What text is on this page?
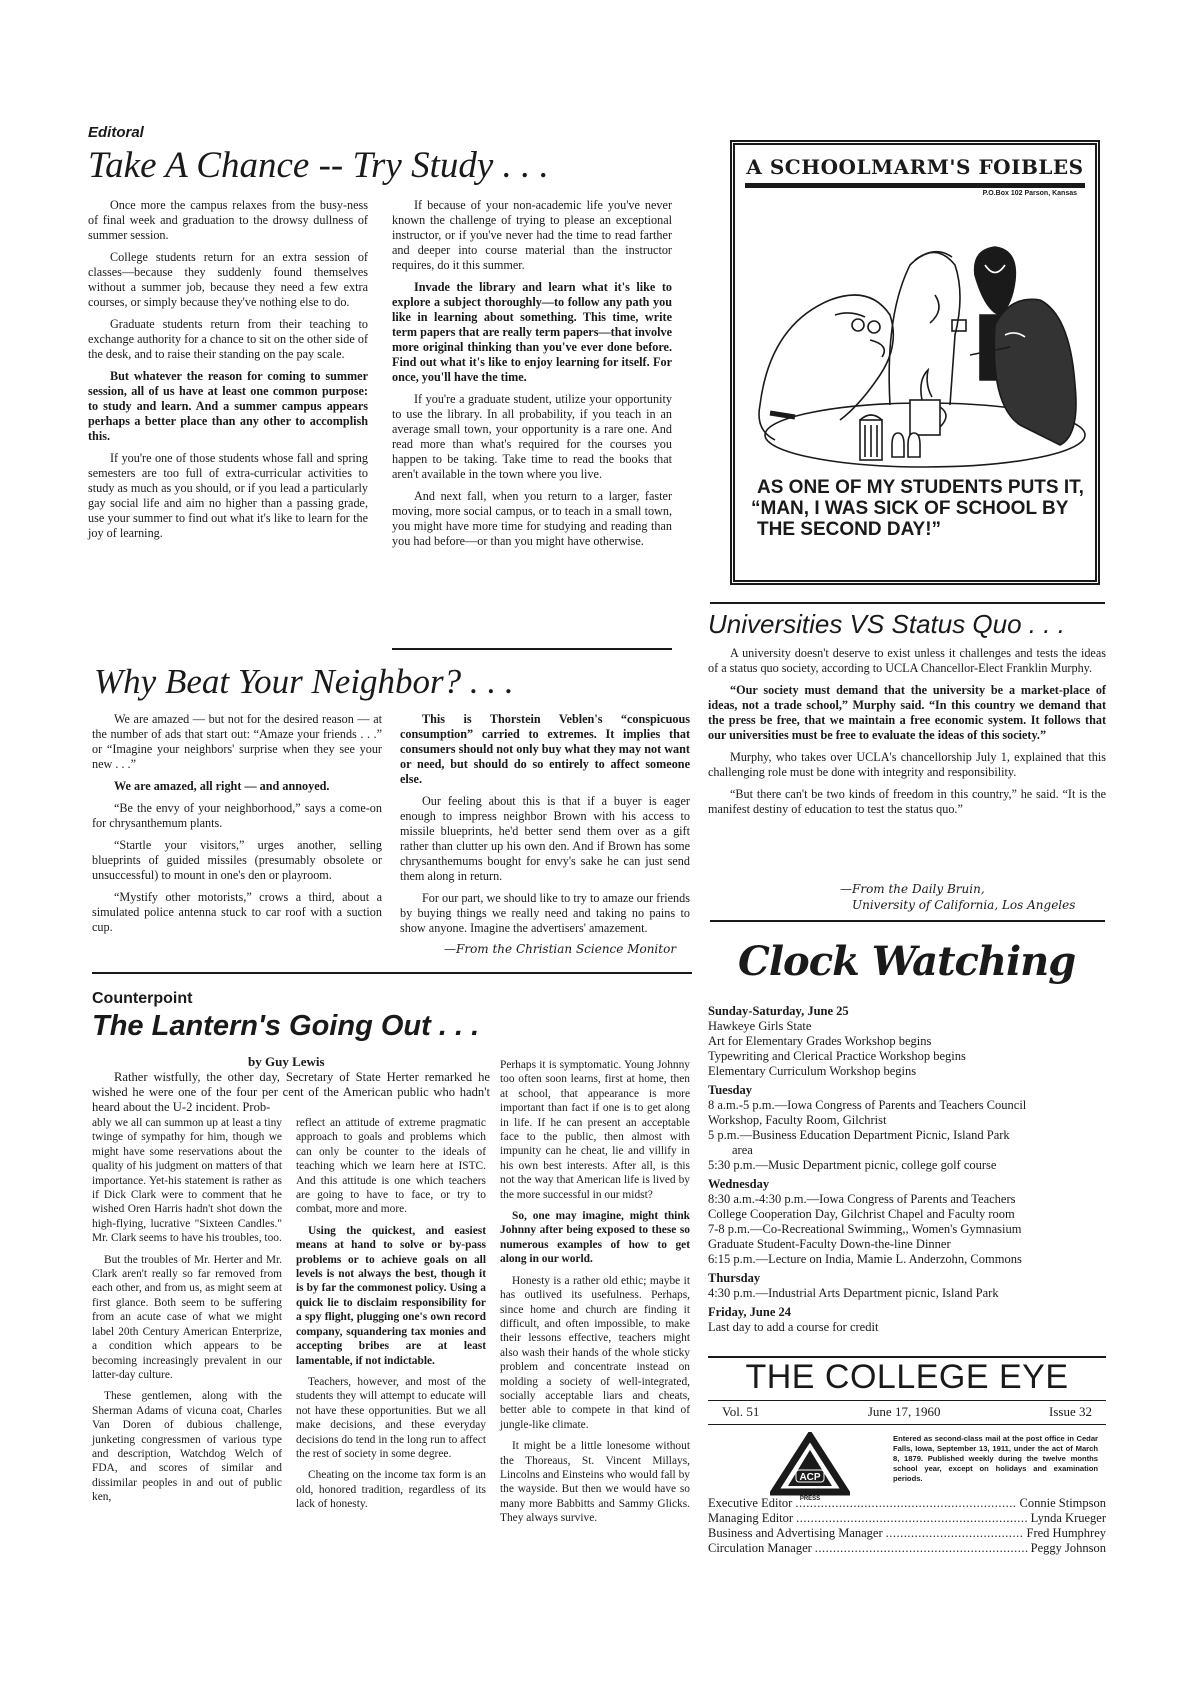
Editoral
Take A Chance -- Try Study . . .

Once more the campus relaxes from the busy-ness of final week and graduation to the drowsy dullness of summer session.

College students return for an extra session of classes—because they suddenly found themselves without a summer job, because they need a few extra courses, or simply because they've nothing else to do.

Graduate students return from their teaching to exchange authority for a chance to sit on the other side of the desk, and to raise their standing on the pay scale.

But whatever the reason for coming to summer session, all of us have at least one common purpose: to study and learn. And a summer campus appears perhaps a better place than any other to accomplish this.

If you're one of those students whose fall and spring semesters are too full of extra-curricular activities to study as much as you should, or if you lead a particularly gay social life and aim no higher than a passing grade, use your summer to find out what it's like to learn for the joy of learning.

If because of your non-academic life you've never known the challenge of trying to please an exceptional instructor, or if you've never had the time to read farther and deeper into course material than the instructor requires, do it this summer.

Invade the library and learn what it's like to explore a subject thoroughly—to follow any path you like in learning about something. This time, write term papers that are really term papers—that involve more original thinking than you've ever done before. Find out what it's like to enjoy learning for itself. For once, you'll have the time.

If you're a graduate student, utilize your opportunity to use the library. In all probability, if you teach in an average small town, your opportunity is a rare one. And read more than what's required for the courses you happen to be taking. Take time to read the books that aren't available in the town where you live.

And next fall, when you return to a larger, faster moving, more social campus, or to teach in a small town, you might have more time for studying and reading than you had before—or than you might have otherwise.

A SCHOOLMARM'S FOIBLES
P.O.Box 102 Parson, Kansas
AS ONE OF MY STUDENTS PUTS IT,
“MAN, I WAS SICK OF SCHOOL BY
THE SECOND DAY!”
Universities VS Status Quo . . .

A university doesn't deserve to exist unless it challenges and tests the ideas of a status quo society, according to UCLA Chancellor-Elect Franklin Murphy.

“Our society must demand that the university be a market-place of ideas, not a trade school,” Murphy said. “In this country we demand that the press be free, that we maintain a free economic system. It follows that our universities must be free to evaluate the ideas of this society.”

Murphy, who takes over UCLA's chancellorship July 1, explained that this challenging role must be done with integrity and responsibility.

“But there can't be two kinds of freedom in this country,” he said. “It is the manifest destiny of education to test the status quo.”

—From the Daily Bruin,
University of California, Los Angeles
Why Beat Your Neighbor? . . .

We are amazed — but not for the desired reason — at the number of ads that start out: “Amaze your friends . . .” or “Imagine your neighbors' surprise when they see your new . . .”

We are amazed, all right — and annoyed.

“Be the envy of your neighborhood,” says a come-on for chrysanthemum plants.

“Startle your visitors,” urges another, selling blueprints of guided missiles (presumably obsolete or unsuccessful) to mount in one's den or playroom.

“Mystify other motorists,” crows a third, about a simulated police antenna stuck to car roof with a suction cup.

This is Thorstein Veblen's “conspicuous consumption” carried to extremes. It implies that consumers should not only buy what they may not want or need, but should do so entirely to affect someone else.

Our feeling about this is that if a buyer is eager enough to impress neighbor Brown with his access to missile blueprints, he'd better send them over as a gift rather than clutter up his own den. And if Brown has some chrysanthemums bought for envy's sake he can just send them along in return.

For our part, we should like to try to amaze our friends by buying things we really need and taking no pains to show anyone. Imagine the advertisers' amazement.

—From the Christian Science Monitor
Counterpoint
The Lantern's Going Out . . .
by Guy Lewis

Rather wistfully, the other day, Secretary of State Herter remarked he wished he were one of the four per cent of the American public who hadn't heard about the U-2 incident. Prob-

ably we all can summon up at least a tiny twinge of sympathy for him, though we might have some reservations about the quality of his judgment on matters of that importance. Yet-his statement is rather as if Dick Clark were to comment that he wished Oren Harris hadn't shot down the high-flying, lucrative "Sixteen Candles." Mr. Clark seems to have his troubles, too.

But the troubles of Mr. Herter and Mr. Clark aren't really so far removed from each other, and from us, as might seem at first glance. Both seem to be suffering from an acute case of what we might label 20th Century American Enterprize, a condition which appears to be becoming increasingly prevalent in our latter-day culture.

These gentlemen, along with the Sherman Adams of vicuna coat, Charles Van Doren of dubious challenge, junketing congressmen of various type and description, Watchdog Welch of FDA, and scores of similar and dissimilar peoples in and out of public ken,

reflect an attitude of extreme pragmatic approach to goals and problems which can only be counter to the ideals of teaching which we learn here at ISTC. And this attitude is one which teachers are going to have to face, or try to combat, more and more.

Using the quickest, and easiest means at hand to solve or by-pass problems or to achieve goals on all levels is not always the best, though it is by far the commonest policy. Using a quick lie to disclaim responsibility for a spy flight, plugging one's own record company, squandering tax monies and accepting bribes are at least lamentable, if not indictable.

Teachers, however, and most of the students they will attempt to educate will not have these opportunities. But we all make decisions, and these everyday decisions do tend in the long run to affect the rest of society in some degree.

Cheating on the income tax form is an old, honored tradition, regardless of its lack of honesty.

Perhaps it is symptomatic. Young Johnny too often soon learns, first at home, then at school, that appearance is more important than fact if one is to get along in life. If he can present an acceptable face to the public, then almost with impunity can he cheat, lie and villify in his own best interests. After all, is this not the way that American life is lived by the more successful in our midst?

So, one may imagine, might think Johnny after being exposed to these so numerous examples of how to get along in our world.

Honesty is a rather old ethic; maybe it has outlived its usefulness. Perhaps, since home and church are finding it difficult, and often impossible, to make their lessons effective, teachers might also wash their hands of the whole sticky problem and concentrate instead on molding a society of well-integrated, socially acceptable liars and cheats, better able to compete in that kind of jungle-like climate.

It might be a little lonesome without the Thoreaus, St. Vincent Millays, Lincolns and Einsteins who would fall by the wayside. But then we would have so many more Babbitts and Sammy Glicks. They always survive.

Clock Watching
Sunday-Saturday, June 25
Hawkeye Girls State
Art for Elementary Grades Workshop begins
Typewriting and Clerical Practice Workshop begins
Elementary Curriculum Workshop begins
Tuesday
8 a.m.-5 p.m.—Iowa Congress of Parents and Teachers Council
Workshop, Faculty Room, Gilchrist
5 p.m.—Business Education Department Picnic, Island Park
area
5:30 p.m.—Music Department picnic, college golf course
Wednesday
8:30 a.m.-4:30 p.m.—Iowa Congress of Parents and Teachers
College Cooperation Day, Gilchrist Chapel and Faculty room
7-8 p.m.—Co-Recreational Swimming,, Women's Gymnasium
Graduate Student-Faculty Down-the-line Dinner
6:15 p.m.—Lecture on India, Mamie L. Anderzohn, Commons
Thursday
4:30 p.m.—Industrial Arts Department picnic, Island Park
Friday, June 24
Last day to add a course for credit
THE COLLEGE EYE
Vol. 51	June 17, 1960	Issue 32
ACP
PRESS
Entered as second-class mail at the post office in Cedar Falls, Iowa, September 13, 1911, under the act of March 8, 1879. Published weekly during the twelve months school year, except on holidays and examination periods.
Executive Editor .....	Connie Stimpson
Managing Editor .....	Lynda Krueger
Business and Advertising Manager .....	Fred Humphrey
Circulation Manager .....	Peggy Johnson
